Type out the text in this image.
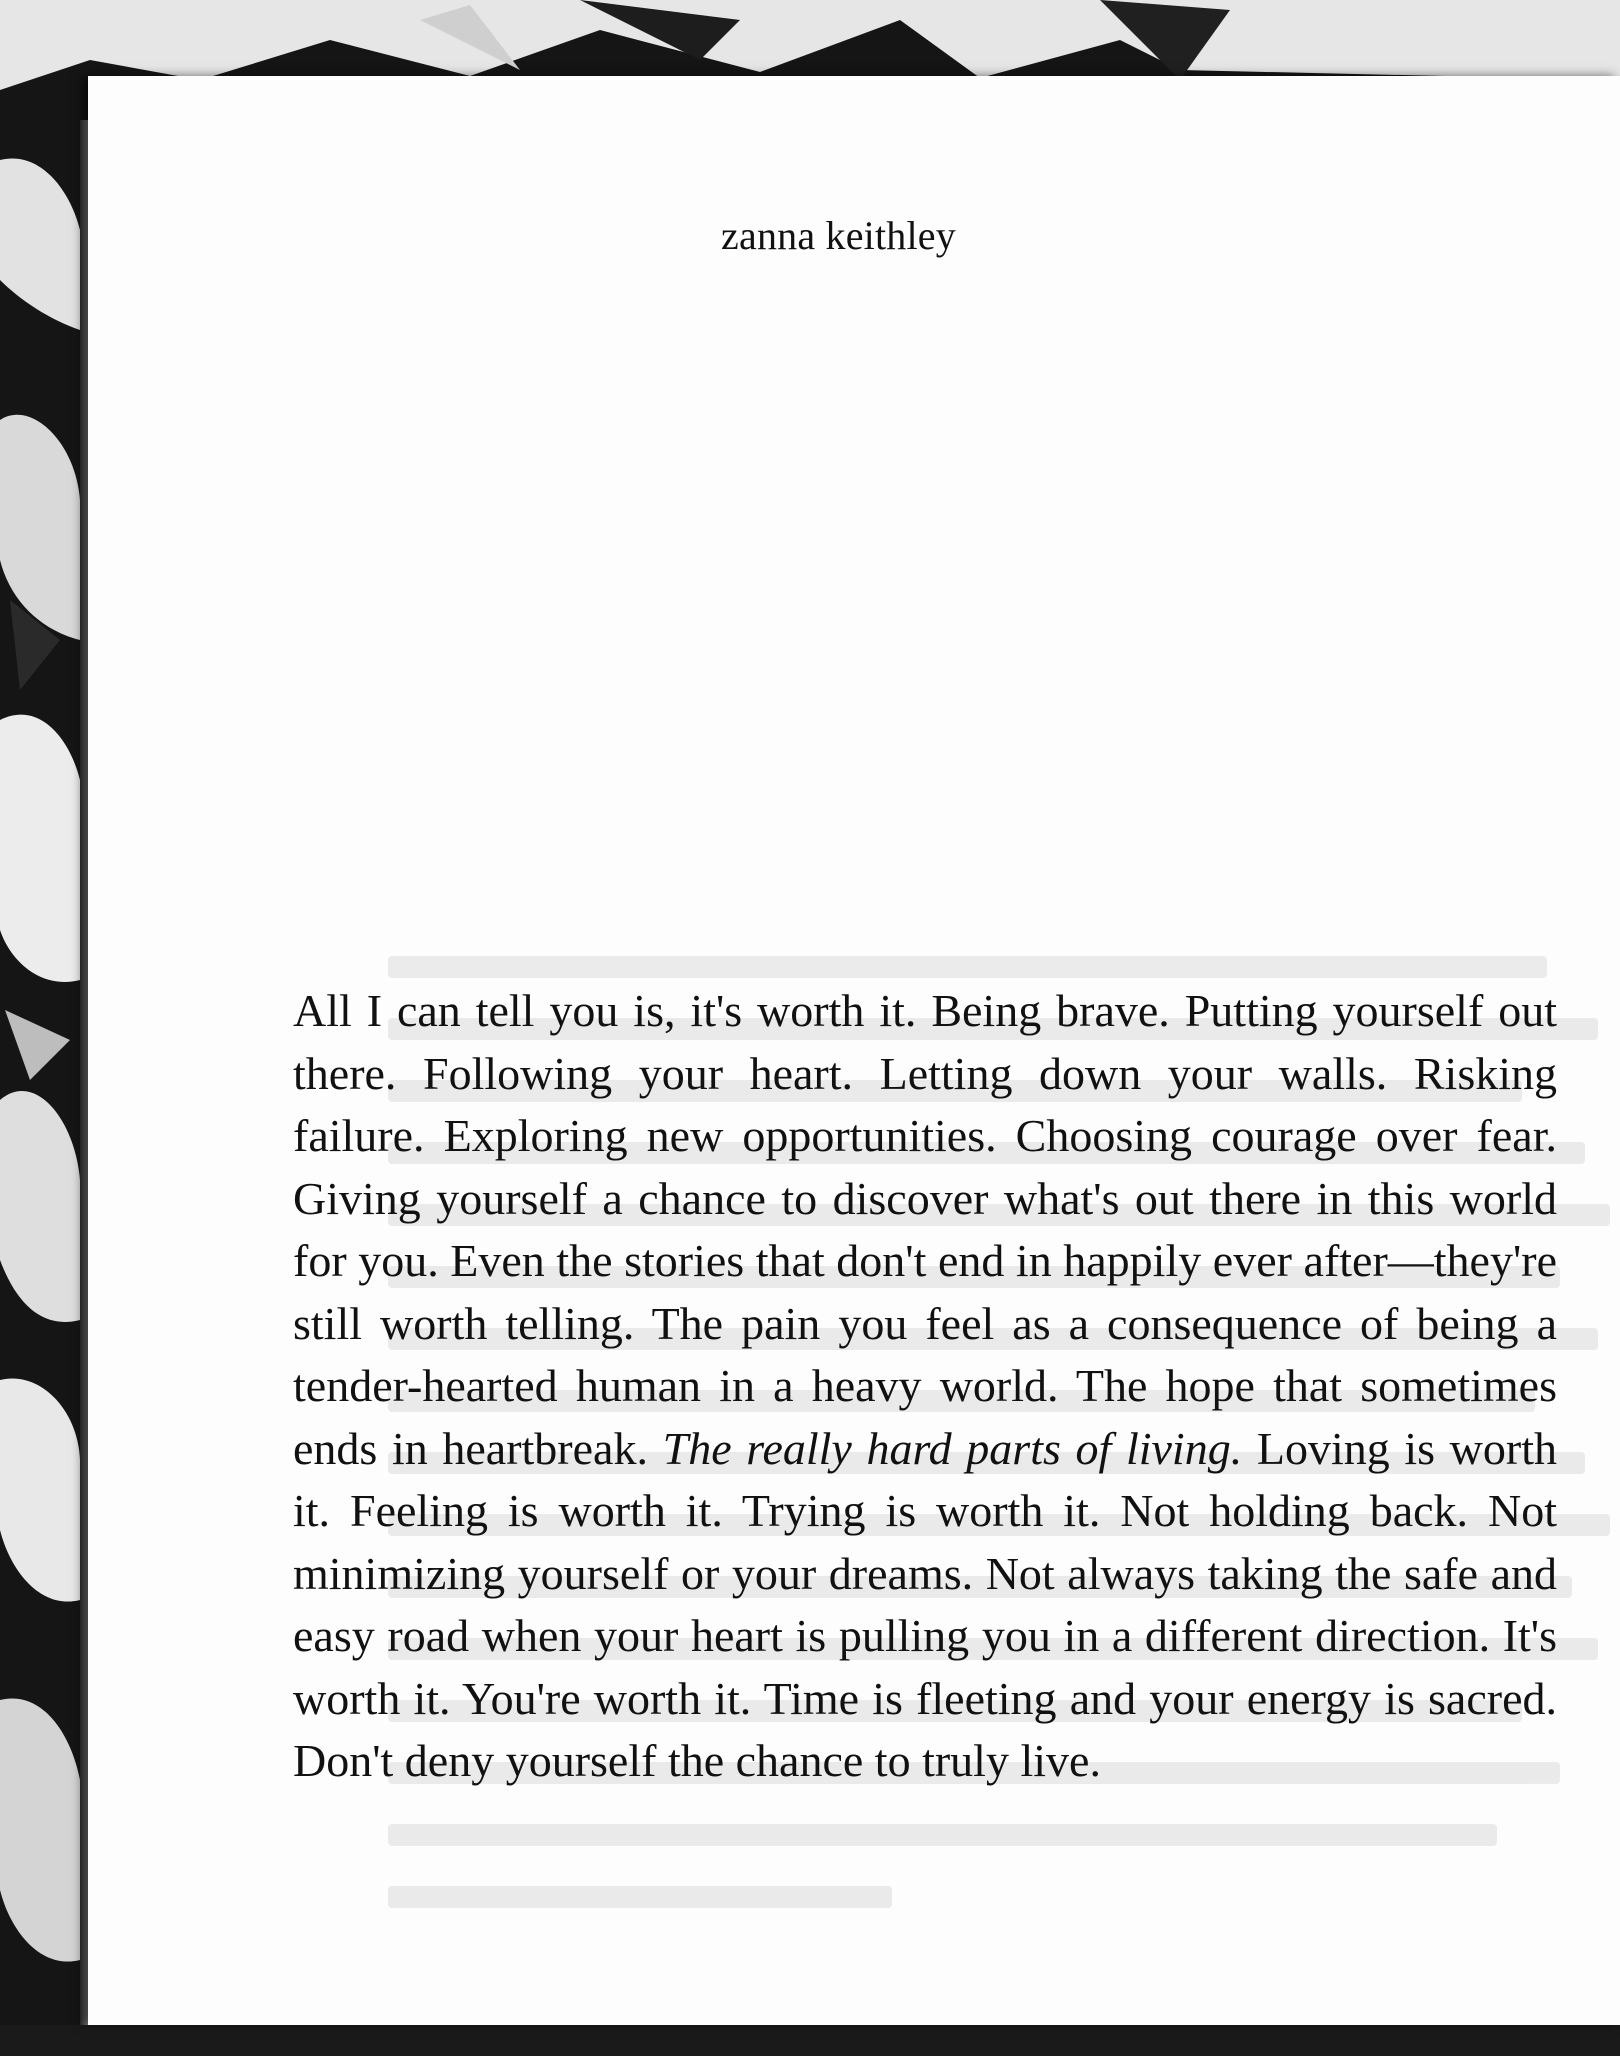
zanna keithley

All I can tell you is, it's worth it. Being brave. Putting yourself out there. Following your heart. Letting down your walls. Risking failure. Exploring new opportunities. Choosing courage over fear. Giving yourself a chance to discover what's out there in this world for you. Even the stories that don't end in happily ever after—they're still worth telling. The pain you feel as a consequence of being a tender-hearted human in a heavy world. The hope that sometimes ends in heartbreak. The really hard parts of living. Loving is worth it. Feeling is worth it. Trying is worth it. Not holding back. Not minimizing yourself or your dreams. Not always taking the safe and easy road when your heart is pulling you in a different direction. It's worth it. You're worth it. Time is fleeting and your energy is sacred. Don't deny yourself the chance to truly live.
